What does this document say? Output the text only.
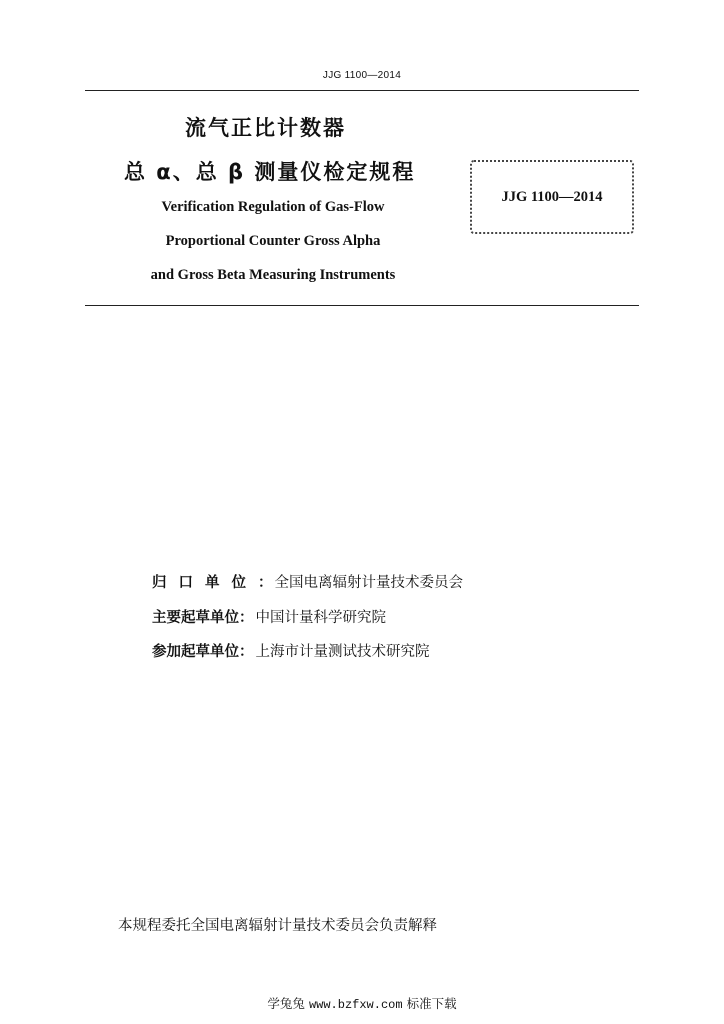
JJG 1100—2014
流气正比计数器
总 α、总 β 测量仪检定规程
Verification Regulation of Gas-Flow
Proportional Counter Gross Alpha
and Gross Beta Measuring Instruments
JJG 1100—2014
归口单位 ： 全国电离辐射计量技术委员会
主要起草单位 ： 中国计量科学研究院
参加起草单位 ： 上海市计量测试技术研究院
本规程委托全国电离辐射计量技术委员会负责解释
学兔兔 www.bzfxw.com 标准下载
